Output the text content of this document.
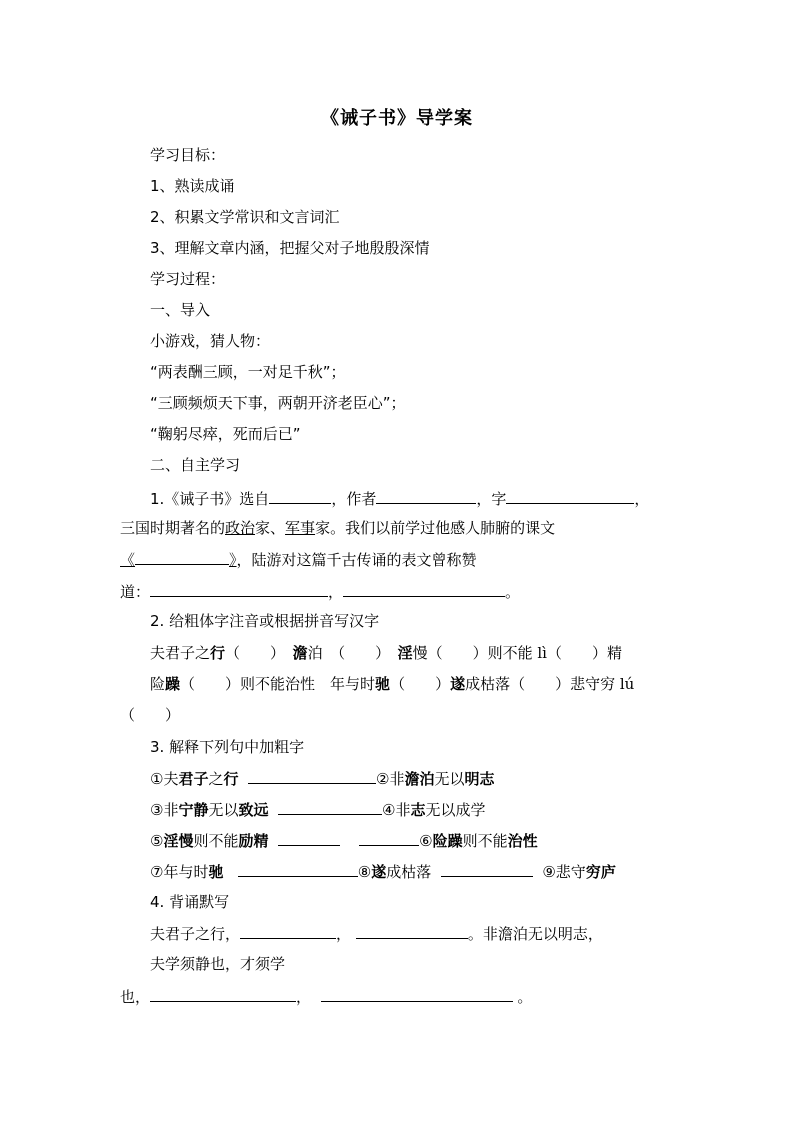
《诫子书》导学案
学习目标：
1、熟读成诵
2、积累文学常识和文言词汇
3、理解文章内涵，把握父对子地殷殷深情
学习过程：
一、导入
小游戏，猜人物：
“两表酬三顾，一对足千秋”；
“三顾频烦天下事，两朝开济老臣心”；
“鞠躬尽瘁，死而后已”
二、自主学习
1.《诫子书》选自	，作者	，字	，
三国时期著名的政治家、军事家。我们以前学过他感人肺腑的课文
《	》，陆游对这篇千古传诵的表文曾称赞
道：	，	。
2. 给粗体字注音或根据拼音写汉字
夫君子之行（　　）　澹泊　（　　）　淫慢（　　）则不能 lì（　　）精
险躁（　　）则不能治性　年与时驰（　　）遂成枯落（　　）悲守穷 lú
（　　）
3. 解释下列句中加粗字
①夫君子之行	②非澹泊无以明志
③非宁静无以致远	④非志无以成学
⑤淫慢则不能励精	⑥险躁则不能治性
⑦年与时驰	⑧遂成枯落	⑨悲守穷庐
4. 背诵默写
夫君子之行，	，	。非澹泊无以明志，
夫学须静也，才须学
也，	，	。
